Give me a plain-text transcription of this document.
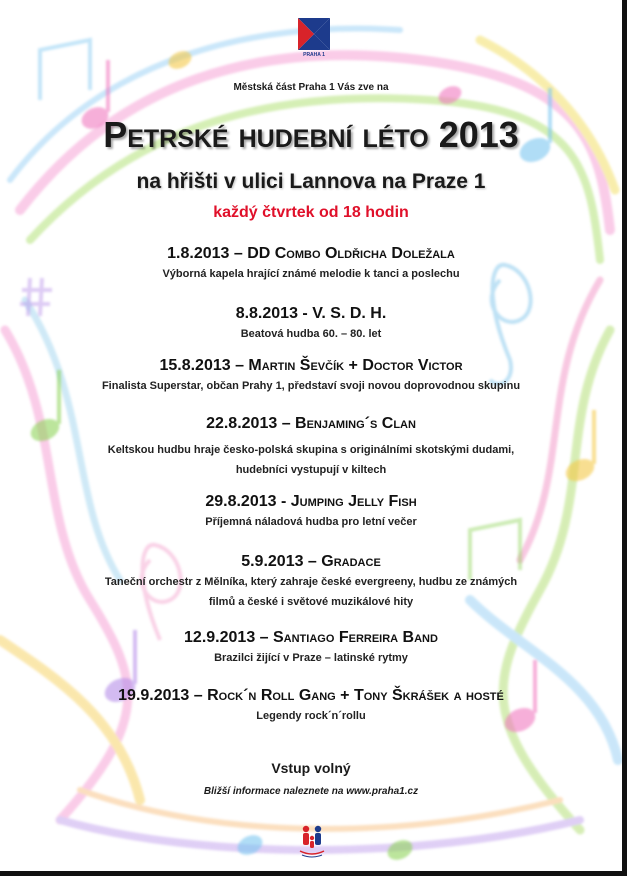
PRAHA 1
Městská část Praha 1 Vás zve na
Petrské hudební léto 2013
na hřišti v ulici Lannova na Praze 1
každý čtvrtek od 18 hodin
1.8.2013 – DD Combo Oldřicha Doležala
Výborná kapela hrající známé melodie k tanci a poslechu
8.8.2013 - V. S. D. H.
Beatová hudba 60. – 80. let
15.8.2013 – Martin Ševčík + Doctor Victor
Finalista Superstar, občan Prahy 1, představí svoji novou doprovodnou skupinu
22.8.2013 – Benjaming´s Clan
Keltskou hudbu hraje česko-polská skupina s originálními skotskými dudami,
hudebníci vystupují v kiltech
29.8.2013 - Jumping Jelly Fish
Příjemná náladová hudba pro letní večer
5.9.2013 – Gradace
Taneční orchestr z Mělníka, který zahraje české evergreeny, hudbu ze známých
filmů a české i světové muzikálové hity
12.9.2013 – Santiago Ferreira Band
Brazilci žijící v Praze – latinské rytmy
19.9.2013 – Rock´n Roll Gang + Tony Škrášek a hosté
Legendy rock´n´rollu
Vstup volný
Bližší informace naleznete na www.praha1.cz
